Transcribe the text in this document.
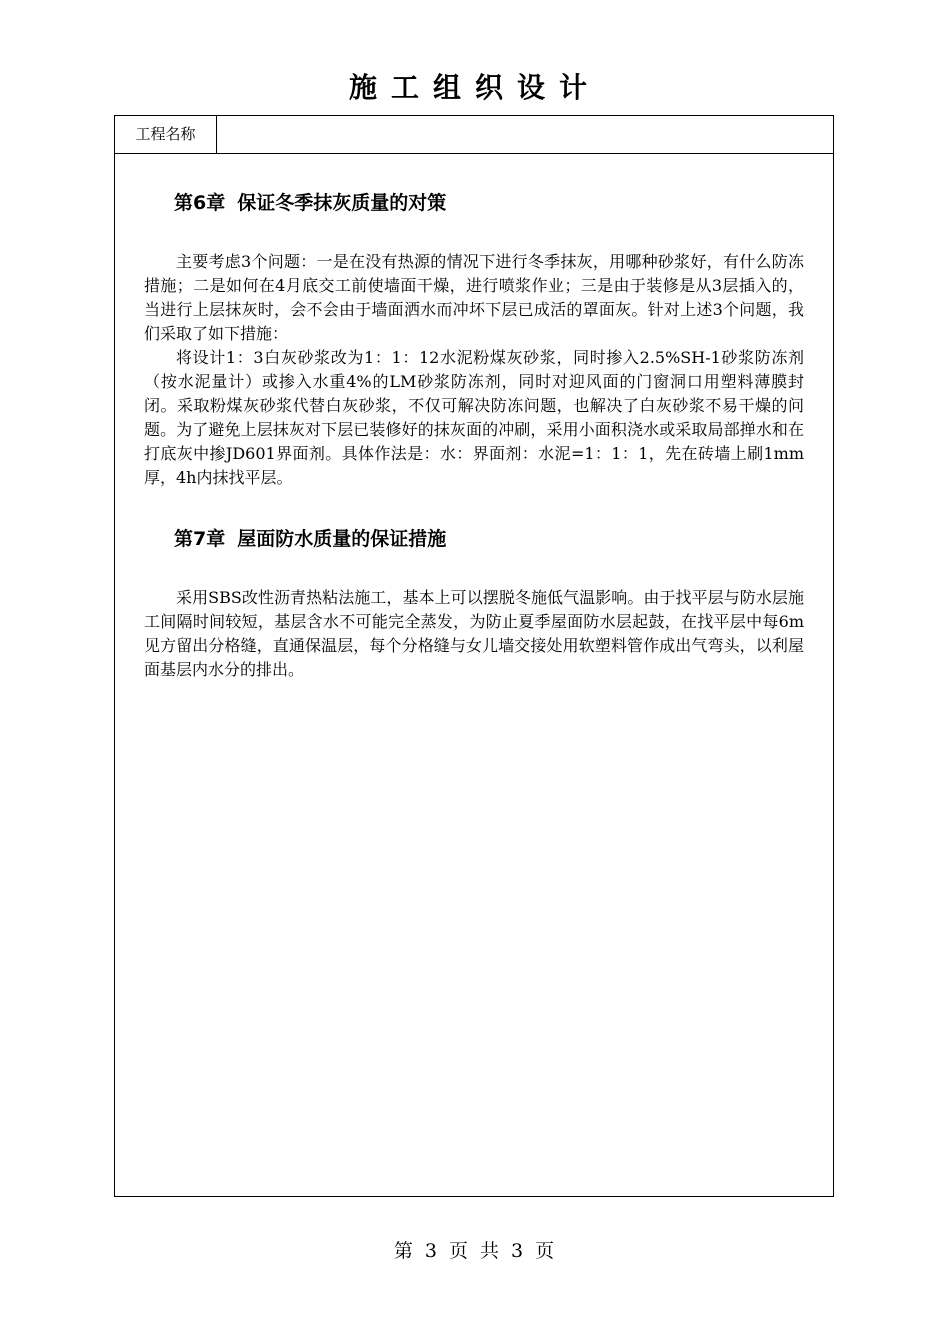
施工组织设计
工程名称
第6章 保证冬季抹灰质量的对策

主要考虑3个问题：一是在没有热源的情况下进行冬季抹灰，用哪种砂浆好，有什么防冻措施；二是如何在4月底交工前使墙面干燥，进行喷浆作业；三是由于装修是从3层插入的，当进行上层抹灰时，会不会由于墙面洒水而冲坏下层已成活的罩面灰。针对上述3个问题，我们采取了如下措施：

将设计1：3白灰砂浆改为1：1：12水泥粉煤灰砂浆，同时掺入2.5%SH-1砂浆防冻剂（按水泥量计）或掺入水重4%的LM砂浆防冻剂，同时对迎风面的门窗洞口用塑料薄膜封闭。采取粉煤灰砂浆代替白灰砂浆，不仅可解决防冻问题，也解决了白灰砂浆不易干燥的问题。为了避免上层抹灰对下层已装修好的抹灰面的冲刷，采用小面积浇水或采取局部掸水和在打底灰中掺JD601界面剂。具体作法是：水：界面剂：水泥=1：1：1，先在砖墙上刷1mm厚，4h内抹找平层。

第7章 屋面防水质量的保证措施

采用SBS改性沥青热粘法施工，基本上可以摆脱冬施低气温影响。由于找平层与防水层施工间隔时间较短，基层含水不可能完全蒸发，为防止夏季屋面防水层起鼓，在找平层中每6m见方留出分格缝，直通保温层，每个分格缝与女儿墙交接处用软塑料管作成出气弯头，以利屋面基层内水分的排出。

第 3 页 共 3 页
